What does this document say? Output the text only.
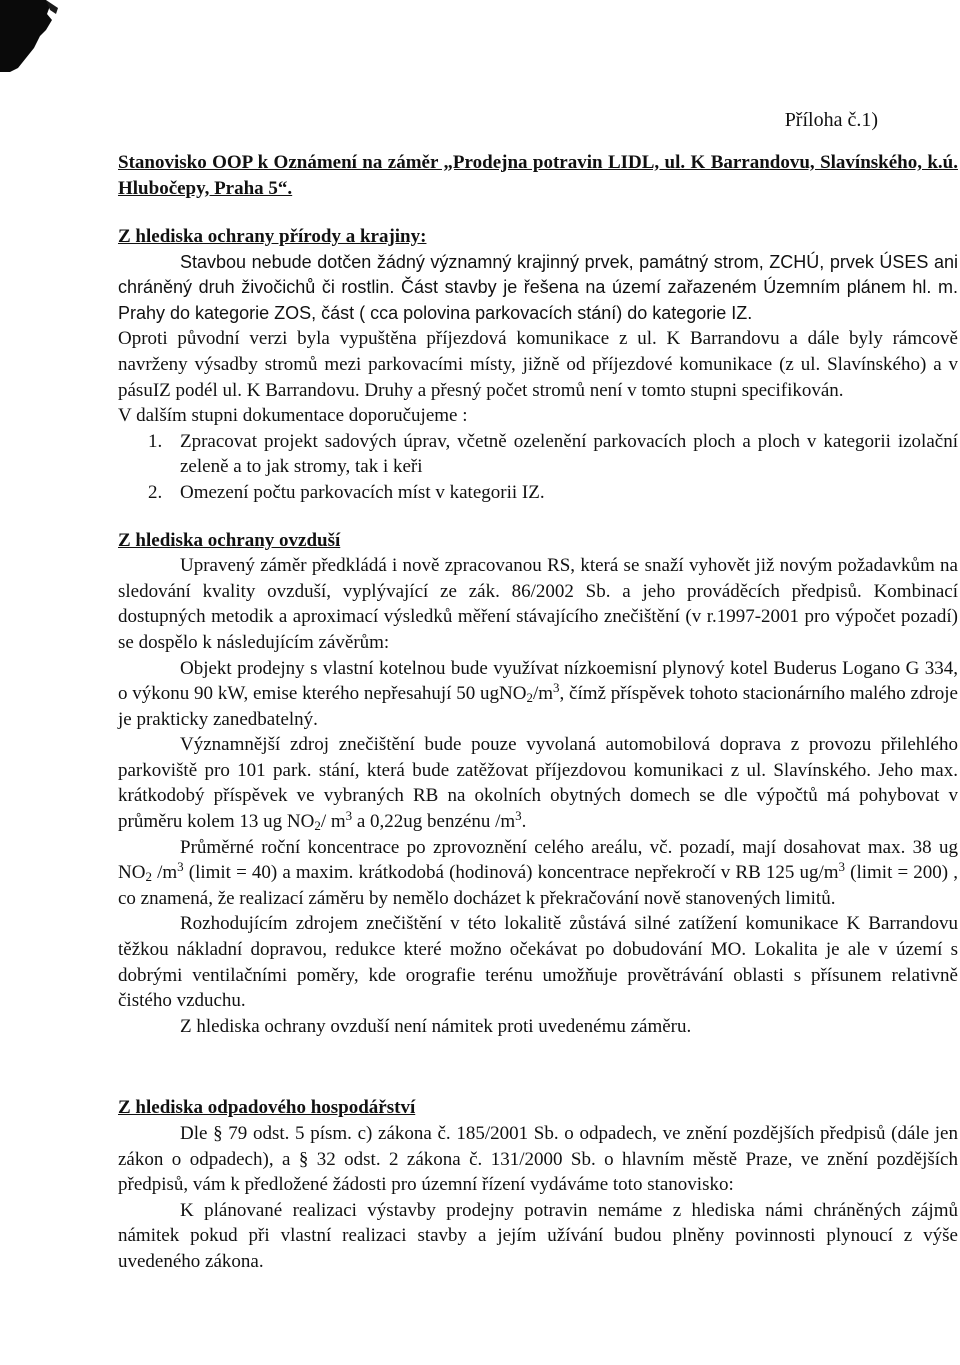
Příloha č.1)

Stanovisko OOP k Oznámení na záměr „Prodejna potravin LIDL, ul. K Barrandovu, Slavínského, k.ú. Hlubočepy, Praha 5“.

Z hlediska ochrany přírody a krajiny:

Stavbou nebude dotčen žádný významný krajinný prvek, památný strom, ZCHÚ, prvek ÚSES ani chráněný druh živočichů či rostlin. Část stavby je řešena na území zařazeném Územním plánem hl. m. Prahy do kategorie ZOS, část ( cca polovina parkovacích stání) do kategorie IZ.

Oproti původní verzi byla vypuštěna příjezdová komunikace z ul. K Barrandovu a dále byly rámcově navrženy výsadby stromů mezi parkovacími místy, jižně od příjezdové komunikace (z ul. Slavínského) a v pásuIZ podél ul. K Barrandovu. Druhy a přesný počet stromů není v tomto stupni specifikován.

V dalším stupni dokumentace doporučujeme :

1. Zpracovat projekt sadových úprav, včetně ozelenění parkovacích ploch a ploch v kategorii izolační zeleně a to jak stromy, tak i keři
2. Omezení počtu parkovacích míst v kategorii IZ.

Z hlediska ochrany ovzduší

Upravený záměr předkládá i nově zpracovanou RS, která se snaží vyhovět již novým požadavkům na sledování kvality ovzduší, vyplývající ze zák. 86/2002 Sb. a jeho prováděcích předpisů. Kombinací dostupných metodik a aproximací výsledků měření stávajícího znečištění (v r.1997-2001 pro výpočet pozadí) se dospělo k následujícím závěrům:

Objekt prodejny s vlastní kotelnou bude využívat nízkoemisní plynový kotel Buderus Logano G 334, o výkonu 90 kW, emise kterého nepřesahují 50 $ugNO_2/m^3$, čímž příspěvek tohoto stacionárního malého zdroje je prakticky zanedbatelný.

Významnější zdroj znečištění bude pouze vyvolaná automobilová doprava z provozu přilehlého parkoviště pro 101 park. stání, která bude zatěžovat příjezdovou komunikaci z ul. Slavínského. Jeho max. krátkodobý příspěvek ve vybraných RB na okolních obytných domech se dle výpočtů má pohybovat v průměru kolem 13 ug $NO_2/$ $m^3$ a 0,22ug benzénu $/m^3$.

Průměrné roční koncentrace po zprovoznění celého areálu, vč. pozadí, mají dosahovat max. 38 ug $NO_2$ $/m^3$ (limit = 40) a maxim. krátkodobá (hodinová) koncentrace nepřekročí v RB 125 $ug/m^3$ (limit = 200) , co znamená, že realizací záměru by nemělo docházet k překračování nově stanovených limitů.

Rozhodujícím zdrojem znečištění v této lokalitě zůstává silné zatížení komunikace K Barrandovu těžkou nákladní dopravou, redukce které možno očekávat po dobudování MO. Lokalita je ale v území s dobrými ventilačními poměry, kde orografie terénu umožňuje provětrávání oblasti s přísunem relativně čistého vzduchu.

Z hlediska ochrany ovzduší není námitek proti uvedenému záměru.

Z hlediska odpadového hospodářství

Dle § 79 odst. 5 písm. c) zákona č. 185/2001 Sb. o odpadech, ve znění pozdějších předpisů (dále jen zákon o odpadech), a § 32 odst. 2 zákona č. 131/2000 Sb. o hlavním městě Praze, ve znění pozdějších předpisů, vám k předložené žádosti pro územní řízení vydáváme toto stanovisko:

K plánované realizaci výstavby prodejny potravin nemáme z hlediska námi chráněných zájmů námitek pokud při vlastní realizaci stavby a jejím užívání budou plněny povinnosti plynoucí z výše uvedeného zákona.
